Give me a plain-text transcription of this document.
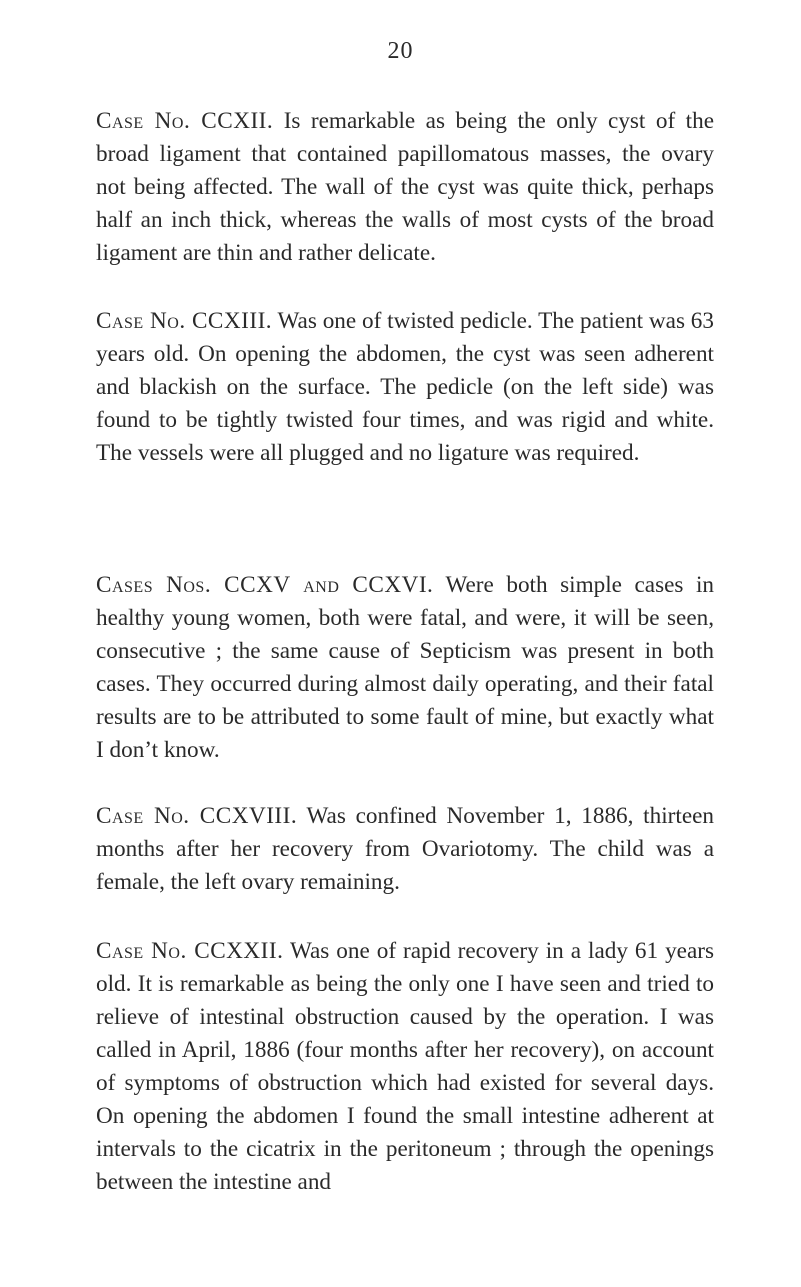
20

Case No. CCXII. Is remarkable as being the only cyst of the broad ligament that contained papillomatous masses, the ovary not being affected. The wall of the cyst was quite thick, perhaps half an inch thick, whereas the walls of most cysts of the broad ligament are thin and rather delicate.

Case No. CCXIII. Was one of twisted pedicle. The patient was 63 years old. On opening the abdomen, the cyst was seen adherent and blackish on the surface. The pedicle (on the left side) was found to be tightly twisted four times, and was rigid and white. The vessels were all plugged and no ligature was required.

Cases Nos. CCXV and CCXVI. Were both simple cases in healthy young women, both were fatal, and were, it will be seen, consecutive ; the same cause of Septicism was present in both cases. They occurred during almost daily operating, and their fatal results are to be attributed to some fault of mine, but exactly what I don’t know.

Case No. CCXVIII. Was confined November 1, 1886, thirteen months after her recovery from Ovariotomy. The child was a female, the left ovary remaining.

Case No. CCXXII. Was one of rapid recovery in a lady 61 years old. It is remarkable as being the only one I have seen and tried to relieve of intestinal obstruction caused by the operation. I was called in April, 1886 (four months after her recovery), on account of symptoms of obstruction which had existed for several days. On opening the abdomen I found the small intestine adherent at intervals to the cicatrix in the peritoneum ; through the openings between the intestine and
